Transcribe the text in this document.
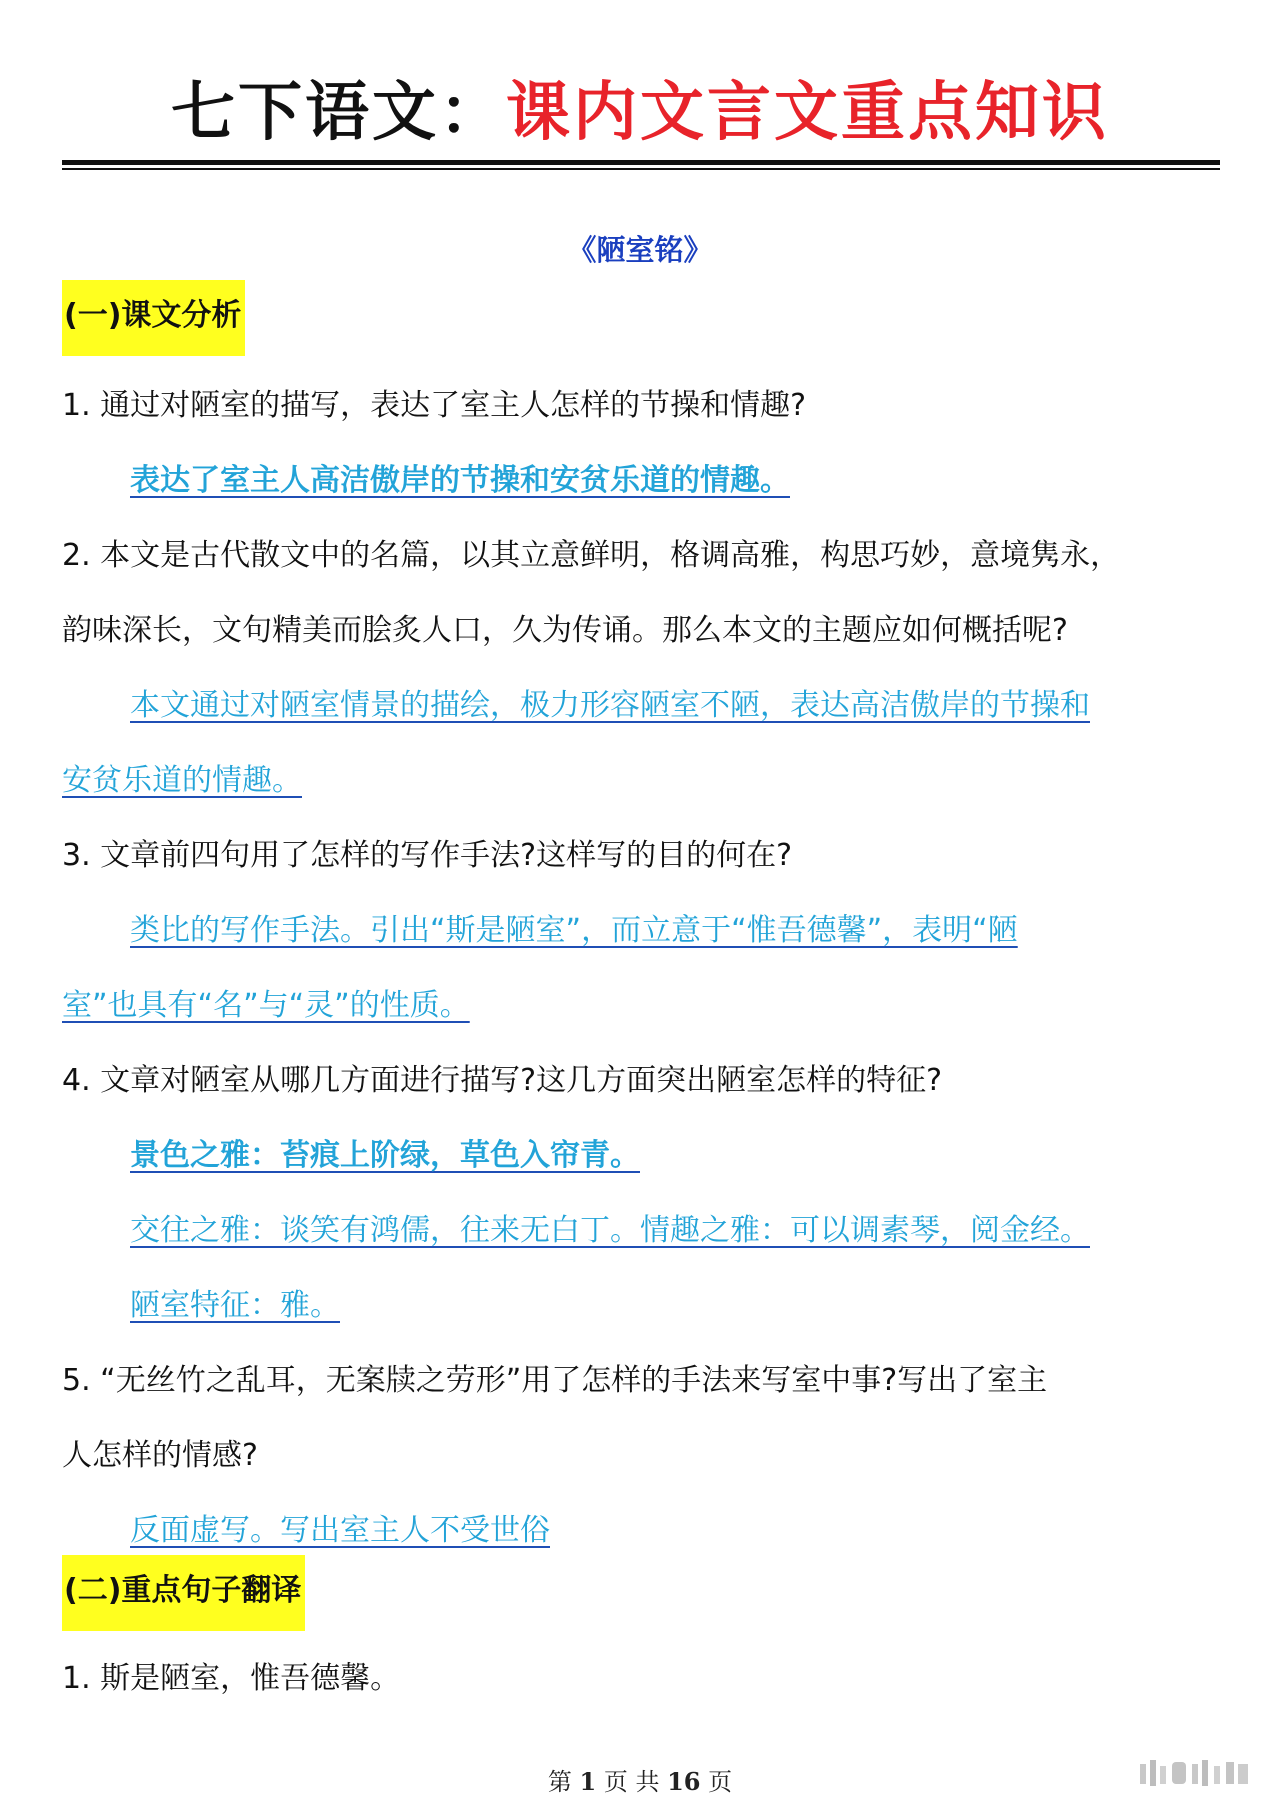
七下语文：课内文言文重点知识
《陋室铭》
(一)课文分析
1. 通过对陋室的描写，表达了室主人怎样的节操和情趣?
表达了室主人高洁傲岸的节操和安贫乐道的情趣。
2. 本文是古代散文中的名篇，以其立意鲜明，格调高雅，构思巧妙，意境隽永，
韵味深长，文句精美而脍炙人口，久为传诵。那么本文的主题应如何概括呢?
本文通过对陋室情景的描绘，极力形容陋室不陋，表达高洁傲岸的节操和
安贫乐道的情趣。
3. 文章前四句用了怎样的写作手法?这样写的目的何在?
类比的写作手法。引出“斯是陋室”，而立意于“惟吾德馨”，表明“陋
室”也具有“名”与“灵”的性质。
4. 文章对陋室从哪几方面进行描写?这几方面突出陋室怎样的特征?
景色之雅：苔痕上阶绿，草色入帘青。
交往之雅：谈笑有鸿儒，往来无白丁。情趣之雅：可以调素琴，阅金经。
陋室特征：雅。
5. “无丝竹之乱耳，无案牍之劳形”用了怎样的手法来写室中事?写出了室主
人怎样的情感?
反面虚写。写出室主人不受世俗
(二)重点句子翻译
1. 斯是陋室，惟吾德馨。
第 1 页 共 16 页
